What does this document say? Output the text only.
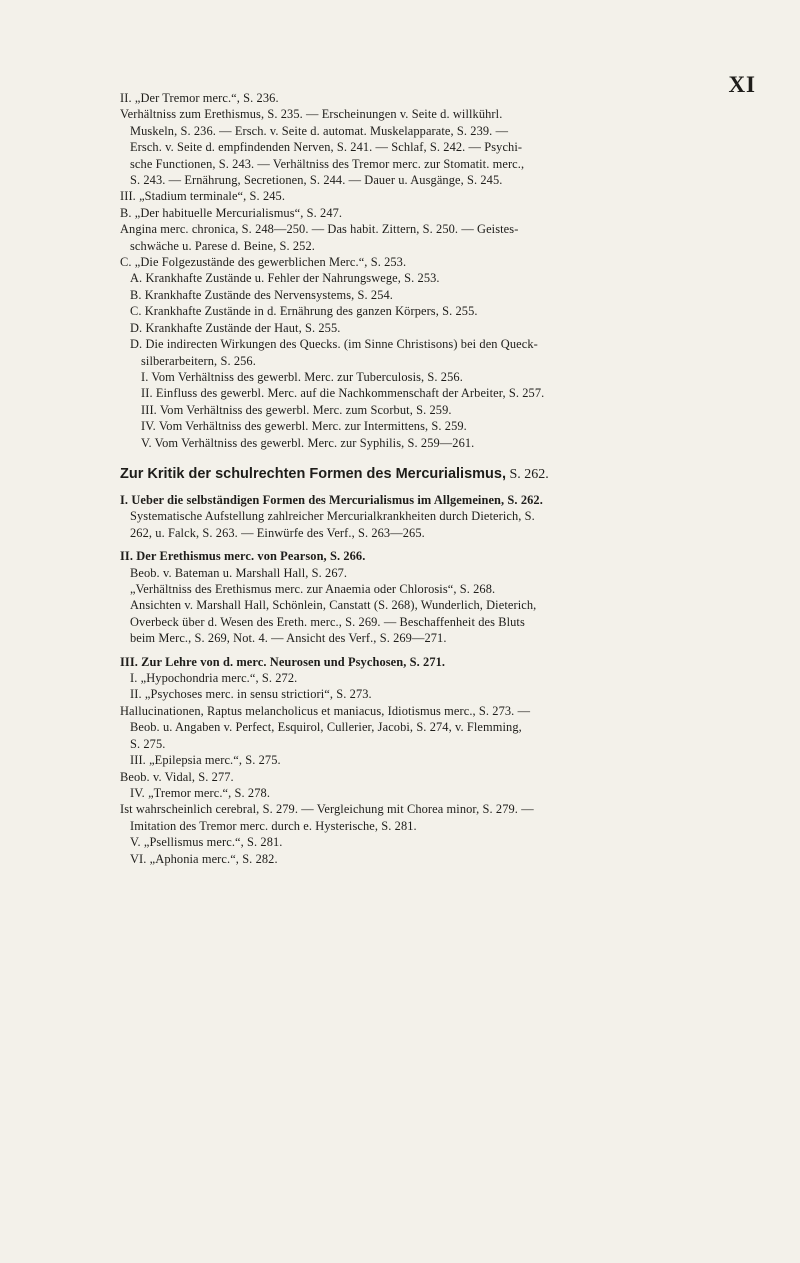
XI
II. „Der Tremor merc.“, S. 236.
Verhältniss zum Erethismus, S. 235. — Erscheinungen v. Seite d. willkührl.
Muskeln, S. 236. — Ersch. v. Seite d. automat. Muskelapparate, S. 239. —
Ersch. v. Seite d. empfindenden Nerven, S. 241. — Schlaf, S. 242. — Psychi-
sche Functionen, S. 243. — Verhältniss des Tremor merc. zur Stomatit. merc.,
S. 243. — Ernährung, Secretionen, S. 244. — Dauer u. Ausgänge, S. 245.
III. „Stadium terminale“, S. 245.
B. „Der habituelle Mercurialismus“, S. 247.
Angina merc. chronica, S. 248—250. — Das habit. Zittern, S. 250. — Geistes-
schwäche u. Parese d. Beine, S. 252.
C. „Die Folgezustände des gewerblichen Merc.“, S. 253.
A. Krankhafte Zustände u. Fehler der Nahrungswege, S. 253.
B. Krankhafte Zustände des Nervensystems, S. 254.
C. Krankhafte Zustände in d. Ernährung des ganzen Körpers, S. 255.
D. Krankhafte Zustände der Haut, S. 255.
D. Die indirecten Wirkungen des Quecks. (im Sinne Christisons) bei den Queck-
silberarbeitern, S. 256.
I. Vom Verhältniss des gewerbl. Merc. zur Tuberculosis, S. 256.
II. Einfluss des gewerbl. Merc. auf die Nachkommenschaft der Arbeiter, S. 257.
III. Vom Verhältniss des gewerbl. Merc. zum Scorbut, S. 259.
IV. Vom Verhältniss des gewerbl. Merc. zur Intermittens, S. 259.
V. Vom Verhältniss des gewerbl. Merc. zur Syphilis, S. 259—261.
Zur Kritik der schulrechten Formen des Mercurialismus, S. 262.
I. Ueber die selbständigen Formen des Mercurialismus im Allgemeinen, S. 262.
Systematische Aufstellung zahlreicher Mercurialkrankheiten durch Dieterich, S.
262, u. Falck, S. 263. — Einwürfe des Verf., S. 263—265.
II. Der Erethismus merc. von Pearson, S. 266.
Beob. v. Bateman u. Marshall Hall, S. 267.
„Verhältniss des Erethismus merc. zur Anaemia oder Chlorosis“, S. 268.
Ansichten v. Marshall Hall, Schönlein, Canstatt (S. 268), Wunderlich, Dieterich,
Overbeck über d. Wesen des Ereth. merc., S. 269. — Beschaffenheit des Bluts
beim Merc., S. 269, Not. 4. — Ansicht des Verf., S. 269—271.
III. Zur Lehre von d. merc. Neurosen und Psychosen, S. 271.
I. „Hypochondria merc.“, S. 272.
II. „Psychoses merc. in sensu strictiori“, S. 273.
Hallucinationen, Raptus melancholicus et maniacus, Idiotismus merc., S. 273. —
Beob. u. Angaben v. Perfect, Esquirol, Cullerier, Jacobi, S. 274, v. Flemming,
S. 275.
III. „Epilepsia merc.“, S. 275.
Beob. v. Vidal, S. 277.
IV. „Tremor merc.“, S. 278.
Ist wahrscheinlich cerebral, S. 279. — Vergleichung mit Chorea minor, S. 279. —
Imitation des Tremor merc. durch e. Hysterische, S. 281.
V. „Psellismus merc.“, S. 281.
VI. „Aphonia merc.“, S. 282.
